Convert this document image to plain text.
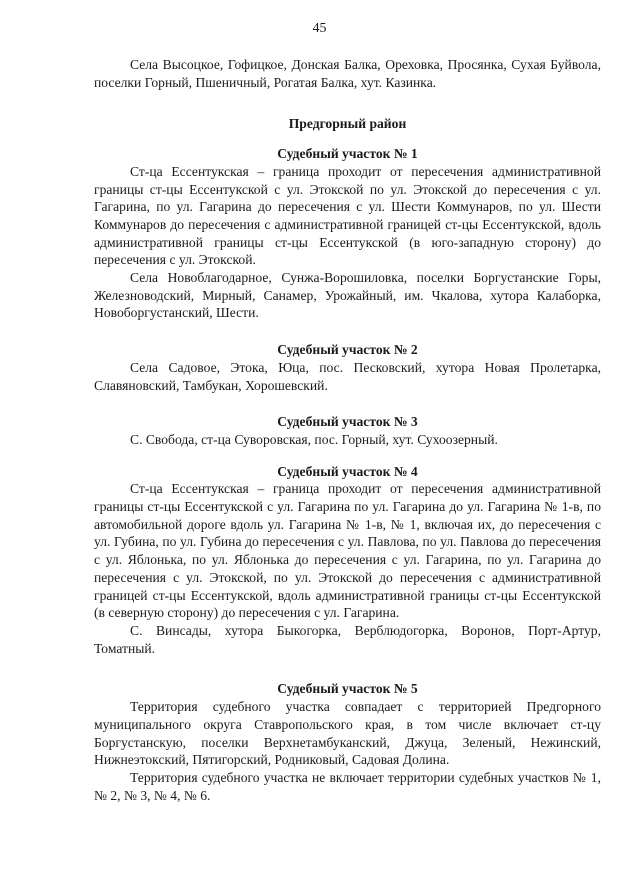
45

Села Высоцкое, Гофицкое, Донская Балка, Ореховка, Просянка, Сухая Буйвола, поселки Горный, Пшеничный, Рогатая Балка, хут. Казинка.

Предгорный район

Судебный участок № 1

Ст-ца Ессентукская – граница проходит от пересечения административной границы ст-цы Ессентукской с ул. Этокской по ул. Этокской до пересечения с ул. Гагарина, по ул. Гагарина до пересечения с ул. Шести Коммунаров, по ул. Шести Коммунаров до пересечения с административной границей ст-цы Ессентукской, вдоль административной границы ст-цы Ессентукской (в юго-западную сторону) до пересечения с ул. Этокской.

Села Новоблагодарное, Сунжа-Ворошиловка, поселки Боргустанские Горы, Железноводский, Мирный, Санамер, Урожайный, им. Чкалова, хутора Калаборка, Новоборгустанский, Шести.

Судебный участок № 2

Села Садовое, Этока, Юца, пос. Песковский, хутора Новая Пролетарка, Славяновский, Тамбукан, Хорошевский.

Судебный участок № 3

С. Свобода, ст-ца Суворовская, пос. Горный, хут. Сухоозерный.

Судебный участок № 4

Ст-ца Ессентукская – граница проходит от пересечения административной границы ст-цы Ессентукской с ул. Гагарина по ул. Гагарина до ул. Гагарина № 1-в, по автомобильной дороге вдоль ул. Гагарина № 1-в, № 1, включая их, до пересечения с ул. Губина, по ул. Губина до пересечения с ул. Павлова, по ул. Павлова до пересечения с ул. Яблонька, по ул. Яблонька до пересечения с ул. Гагарина, по ул. Гагарина до пересечения с ул. Этокской, по ул. Этокской до пересечения с административной границей ст-цы Ессентукской, вдоль административной границы ст-цы Ессентукской (в северную сторону) до пересечения с ул. Гагарина.

С. Винсады, хутора Быкогорка, Верблюдогорка, Воронов, Порт-Артур, Томатный.

Судебный участок № 5

Территория судебного участка совпадает с территорией Предгорного муниципального округа Ставропольского края, в том числе включает ст-цу Боргустанскую, поселки Верхнетамбуканский, Джуца, Зеленый, Нежинский, Нижнеэтокский, Пятигорский, Родниковый, Садовая Долина.

Территория судебного участка не включает территории судебных участков № 1, № 2, № 3, № 4, № 6.
